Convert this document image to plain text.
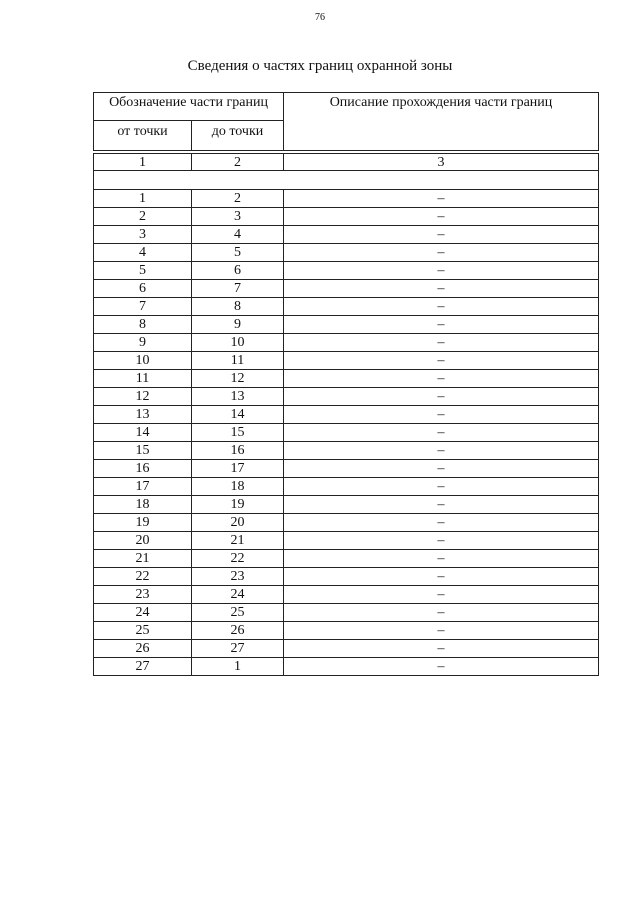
76
Сведения о частях границ охранной зоны
Обозначение части границ		Описание прохождения части границ
от точки	до точки	

1	2	3

1	2	–
2	3	–
3	4	–
4	5	–
5	6	–
6	7	–
7	8	–
8	9	–
9	10	–
10	11	–
11	12	–
12	13	–
13	14	–
14	15	–
15	16	–
16	17	–
17	18	–
18	19	–
19	20	–
20	21	–
21	22	–
22	23	–
23	24	–
24	25	–
25	26	–
26	27	–
27	1	–
